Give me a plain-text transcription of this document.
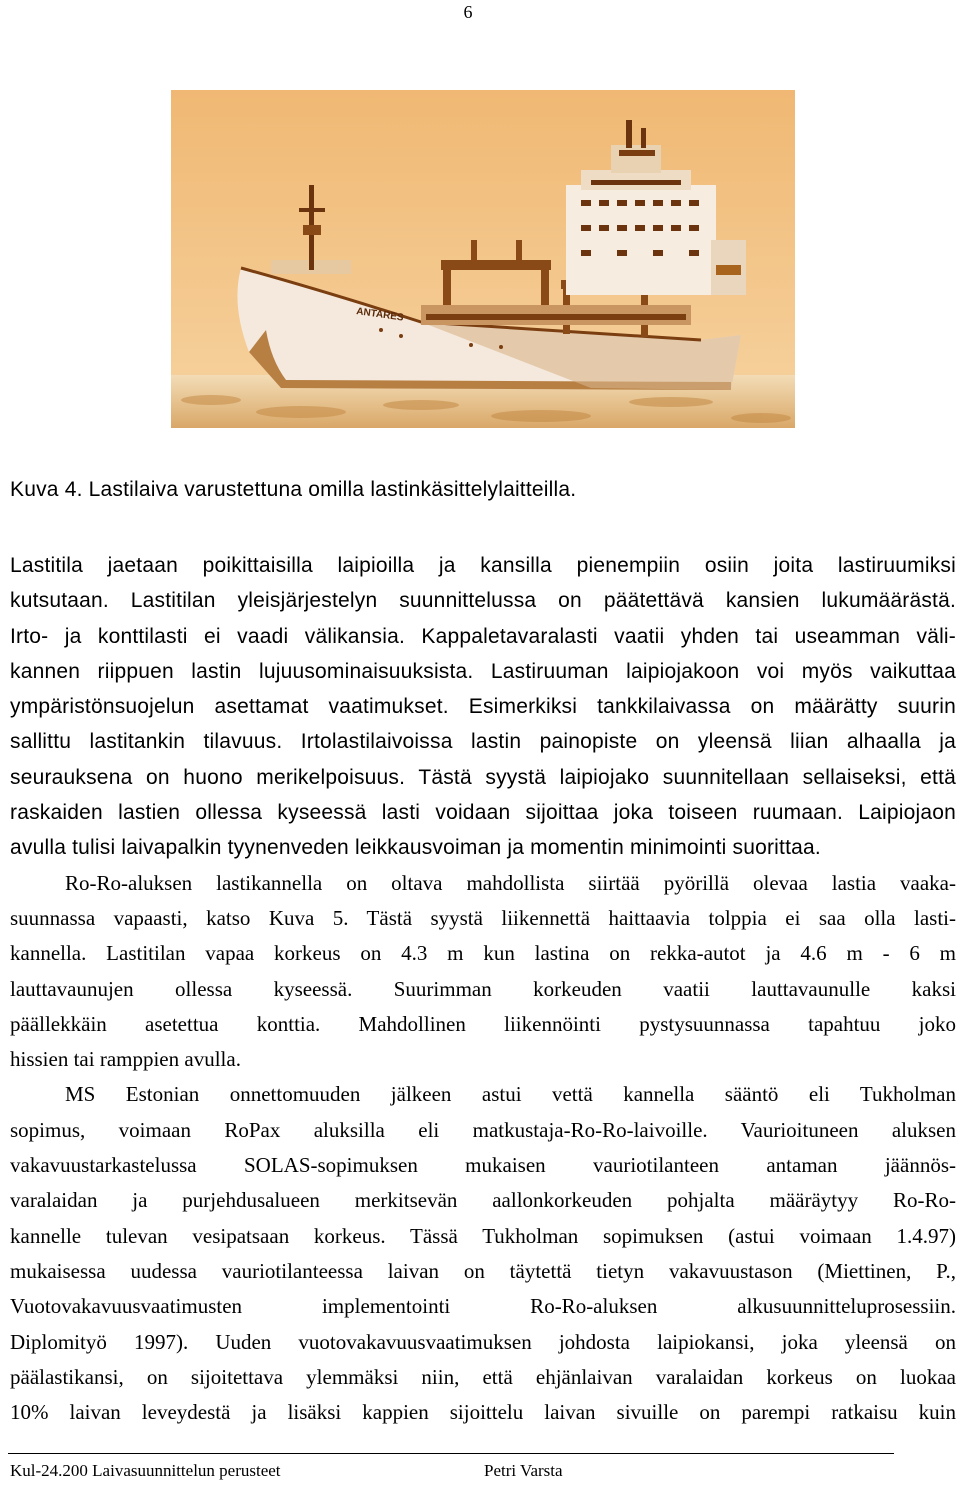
6
ANTARES
Kuva 4. Lastilaiva varustettuna omilla lastinkäsittelylaitteilla.
Lastitila jaetaan poikittaisilla laipioilla ja kansilla pienempiin osiin joita lastiruumiksi
kutsutaan. Lastitilan yleisjärjestelyn suunnittelussa on päätettävä kansien lukumäärästä.
Irto- ja konttilasti ei vaadi välikansia. Kappaletavaralasti vaatii yhden tai useamman väli-
kannen riippuen lastin lujuusominaisuuksista. Lastiruuman laipiojakoon voi myös vaikuttaa
ympäristönsuojelun asettamat vaatimukset. Esimerkiksi tankkilaivassa on määrätty suurin
sallittu lastitankin tilavuus. Irtolastilaivoissa lastin painopiste on yleensä liian alhaalla ja
seurauksena on huono merikelpoisuus. Tästä syystä laipiojako suunnitellaan sellaiseksi, että
raskaiden lastien ollessa kyseessä lasti voidaan sijoittaa joka toiseen ruumaan. Laipiojaon
avulla tulisi laivapalkin tyynenveden leikkausvoiman ja momentin minimointi suorittaa.
Ro-Ro-aluksen lastikannella on oltava mahdollista siirtää pyörillä olevaa lastia vaaka-
suunnassa vapaasti, katso Kuva 5. Tästä syystä liikennettä haittaavia tolppia ei saa olla lasti-
kannella. Lastitilan vapaa korkeus on 4.3 m kun lastina on rekka-autot ja 4.6 m - 6 m
lauttavaunujen ollessa kyseessä. Suurimman korkeuden vaatii lauttavaunulle kaksi
päällekkäin asetettua konttia. Mahdollinen liikennöinti pystysuunnassa tapahtuu joko
hissien tai ramppien avulla.
MS Estonian onnettomuuden jälkeen astui vettä kannella sääntö eli Tukholman
sopimus, voimaan RoPax aluksilla eli matkustaja-Ro-Ro-laivoille. Vaurioituneen aluksen
vakavuustarkastelussa SOLAS-sopimuksen mukaisen vauriotilanteen antaman jäännös-
varalaidan ja purjehdusalueen merkitsevän aallonkorkeuden pohjalta määräytyy Ro-Ro-
kannelle tulevan vesipatsaan korkeus. Tässä Tukholman sopimuksen (astui voimaan 1.4.97)
mukaisessa uudessa vauriotilanteessa laivan on täytettä tietyn vakavuustason (Miettinen, P.,
Vuotovakavuusvaatimusten implementointi Ro-Ro-aluksen alkusuunnitteluprosessiin.
Diplomityö 1997). Uuden vuotovakavuusvaatimuksen johdosta laipiokansi, joka yleensä on
päälastikansi, on sijoitettava ylemmäksi niin, että ehjänlaivan varalaidan korkeus on luokaa
10% laivan leveydestä ja lisäksi kappien sijoittelu laivan sivuille on parempi ratkaisu kuin
Kul-24.200 Laivasuunnittelun perusteet	Petri Varsta
